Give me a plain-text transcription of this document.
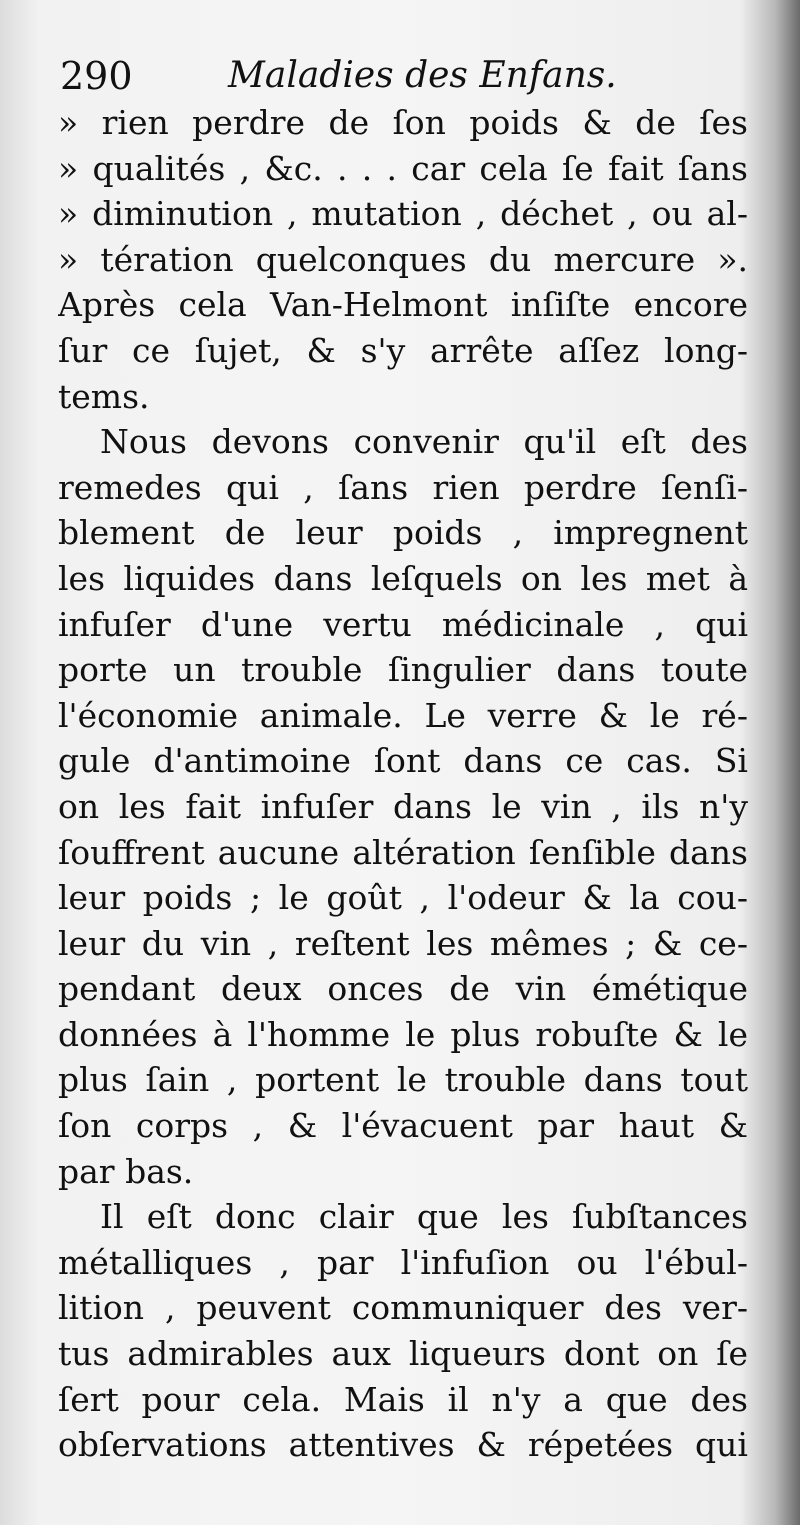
290	Maladies des Enfans.
» rien perdre de ſon poids & de ſes
» qualités , &c. . . . car cela ſe fait ſans
» diminution , mutation , déchet , ou al-
» tération quelconques du mercure ».
Après cela Van-Helmont inſiſte encore
ſur ce ſujet, & s'y arrête aſſez long-
tems.
Nous devons convenir qu'il eſt des
remedes qui , ſans rien perdre ſenſi-
blement de leur poids , impregnent
les liquides dans leſquels on les met à
infuſer d'une vertu médicinale , qui
porte un trouble ſingulier dans toute
l'économie animale. Le verre & le ré-
gule d'antimoine ſont dans ce cas. Si
on les fait infuſer dans le vin , ils n'y
ſouffrent aucune altération ſenſible dans
leur poids ; le goût , l'odeur & la cou-
leur du vin , reſtent les mêmes ; & ce-
pendant deux onces de vin émétique
données à l'homme le plus robuſte & le
plus ſain , portent le trouble dans tout
ſon corps , & l'évacuent par haut &
par bas.
Il eſt donc clair que les ſubſtances
métalliques , par l'infuſion ou l'ébul-
lition , peuvent communiquer des ver-
tus admirables aux liqueurs dont on ſe
ſert pour cela. Mais il n'y a que des
obſervations attentives & répetées qui
